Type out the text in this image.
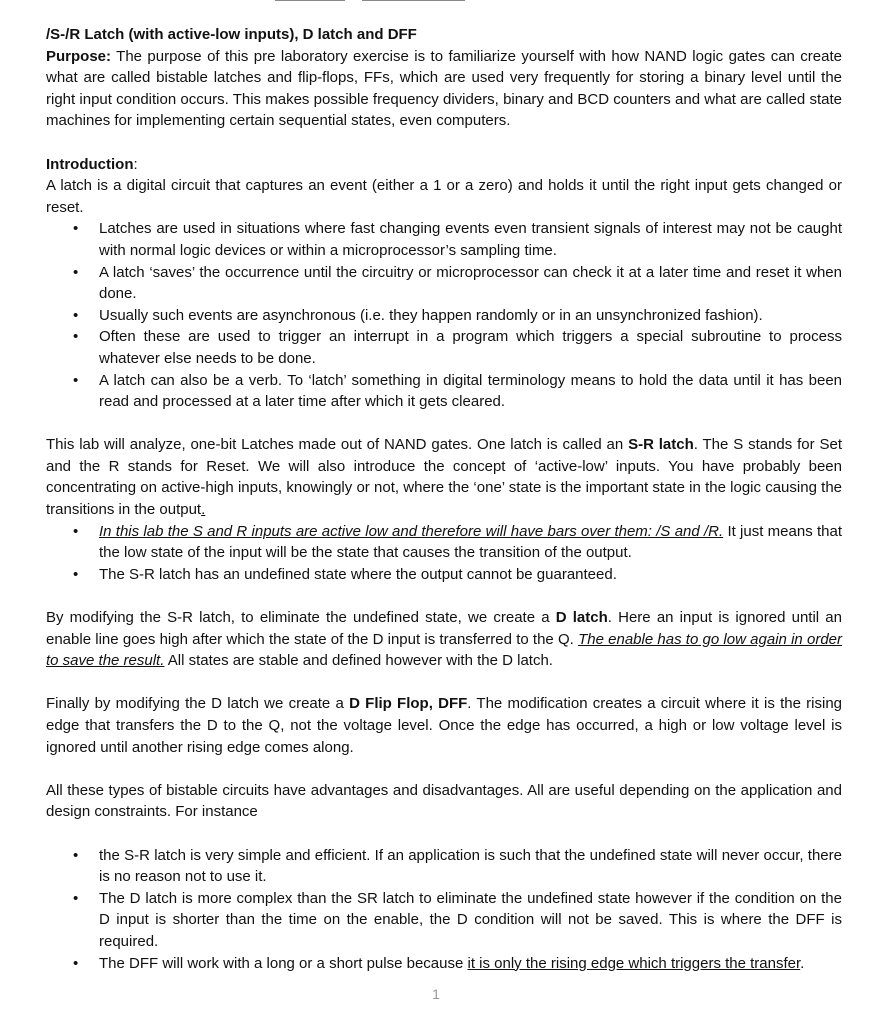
/S-/R Latch (with active-low inputs), D latch and DFF

Purpose: The purpose of this pre laboratory exercise is to familiarize yourself with how NAND logic gates can create what are called bistable latches and flip-flops, FFs, which are used very frequently for storing a binary level until the right input condition occurs. This makes possible frequency dividers, binary and BCD counters and what are called state machines for implementing certain sequential states, even computers.

Introduction:

A latch is a digital circuit that captures an event (either a 1 or a zero) and holds it until the right input gets changed or reset.

• Latches are used in situations where fast changing events even transient signals of interest may not be caught with normal logic devices or within a microprocessor’s sampling time.
• A latch ‘saves’ the occurrence until the circuitry or microprocessor can check it at a later time and reset it when done.
• Usually such events are asynchronous (i.e. they happen randomly or in an unsynchronized fashion).
• Often these are used to trigger an interrupt in a program which triggers a special subroutine to process whatever else needs to be done.
• A latch can also be a verb. To ‘latch’ something in digital terminology means to hold the data until it has been read and processed at a later time after which it gets cleared.

This lab will analyze, one-bit Latches made out of NAND gates. One latch is called an S-R latch. The S stands for Set and the R stands for Reset. We will also introduce the concept of ‘active-low’ inputs. You have probably been concentrating on active-high inputs, knowingly or not, where the ‘one’ state is the important state in the logic causing the transitions in the output.

• In this lab the S and R inputs are active low and therefore will have bars over them: /S and /R. It just means that the low state of the input will be the state that causes the transition of the output.
• The S-R latch has an undefined state where the output cannot be guaranteed.

By modifying the S-R latch, to eliminate the undefined state, we create a D latch. Here an input is ignored until an enable line goes high after which the state of the D input is transferred to the Q. The enable has to go low again in order to save the result. All states are stable and defined however with the D latch.

Finally by modifying the D latch we create a D Flip Flop, DFF. The modification creates a circuit where it is the rising edge that transfers the D to the Q, not the voltage level. Once the edge has occurred, a high or low voltage level is ignored until another rising edge comes along.

All these types of bistable circuits have advantages and disadvantages. All are useful depending on the application and design constraints. For instance

• the S-R latch is very simple and efficient. If an application is such that the undefined state will never occur, there is no reason not to use it.
• The D latch is more complex than the SR latch to eliminate the undefined state however if the condition on the D input is shorter than the time on the enable, the D condition will not be saved. This is where the DFF is required.
• The DFF will work with a long or a short pulse because it is only the rising edge which triggers the transfer.
1
